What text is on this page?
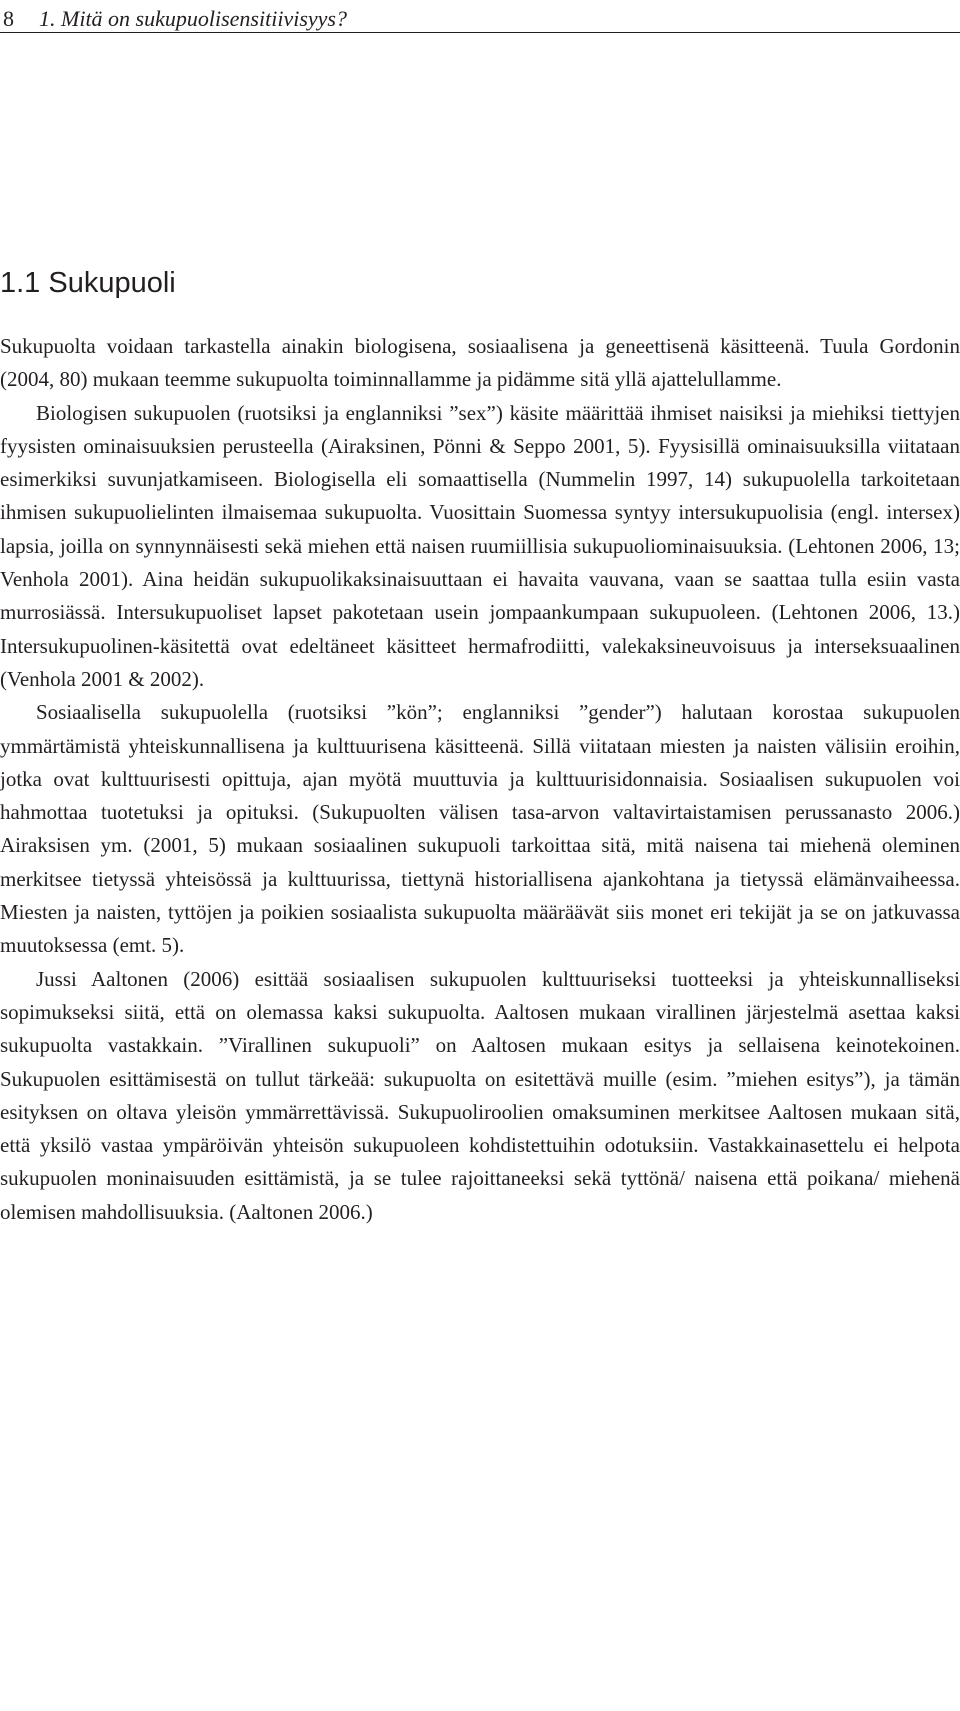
8 1. Mitä on sukupuolisensitiivisyys?
1.1 Sukupuoli

Sukupuolta voidaan tarkastella ainakin biologisena, sosiaalisena ja geneettisenä käsitteenä. Tuula Gordonin (2004, 80) mukaan teemme sukupuolta toiminnallamme ja pidämme sitä yllä ajattelullamme.

Biologisen sukupuolen (ruotsiksi ja englanniksi ”sex”) käsite määrittää ihmiset naisiksi ja miehiksi tiettyjen fyysisten ominaisuuksien perusteella (Airaksinen, Pönni & Seppo 2001, 5). Fyysisillä ominaisuuksilla viitataan esimerkiksi suvunjatkamiseen. Biologisella eli somaattisella (Nummelin 1997, 14) sukupuolella tarkoitetaan ihmisen sukupuolielinten ilmaisemaa sukupuolta. Vuosittain Suomessa syntyy intersukupuolisia (engl. intersex) lapsia, joilla on synnynnäisesti sekä miehen että naisen ruumiillisia sukupuoliominaisuuksia. (Lehtonen 2006, 13; Venhola 2001). Aina heidän sukupuolikaksinaisuuttaan ei havaita vauvana, vaan se saattaa tulla esiin vasta murrosiässä. Intersukupuoliset lapset pakotetaan usein jompaankumpaan sukupuoleen. (Lehtonen 2006, 13.) Intersukupuolinen-käsitettä ovat edeltäneet käsitteet hermafrodiitti, valekaksineuvoisuus ja interseksuaalinen (Venhola 2001 & 2002).

Sosiaalisella sukupuolella (ruotsiksi ”kön”; englanniksi ”gender”) halutaan korostaa sukupuolen ymmärtämistä yhteiskunnallisena ja kulttuurisena käsitteenä. Sillä viitataan miesten ja naisten välisiin eroihin, jotka ovat kulttuurisesti opittuja, ajan myötä muuttuvia ja kulttuurisidonnaisia. Sosiaalisen sukupuolen voi hahmottaa tuotetuksi ja opituksi. (Sukupuolten välisen tasa-arvon valtavirtaistamisen perussanasto 2006.) Airaksisen ym. (2001, 5) mukaan sosiaalinen sukupuoli tarkoittaa sitä, mitä naisena tai miehenä oleminen merkitsee tietyssä yhteisössä ja kulttuurissa, tiettynä historiallisena ajankohtana ja tietyssä elämänvaiheessa. Miesten ja naisten, tyttöjen ja poikien sosiaalista sukupuolta määräävät siis monet eri tekijät ja se on jatkuvassa muutoksessa (emt. 5).

Jussi Aaltonen (2006) esittää sosiaalisen sukupuolen kulttuuriseksi tuotteeksi ja yhteiskunnalliseksi sopimukseksi siitä, että on olemassa kaksi sukupuolta. Aaltosen mukaan virallinen järjestelmä asettaa kaksi sukupuolta vastakkain. ”Virallinen sukupuoli” on Aaltosen mukaan esitys ja sellaisena keinotekoinen. Sukupuolen esittämisestä on tullut tärkeää: sukupuolta on esitettävä muille (esim. ”miehen esitys”), ja tämän esityksen on oltava yleisön ymmärrettävissä. Sukupuoliroolien omaksuminen merkitsee Aaltosen mukaan sitä, että yksilö vastaa ympäröivän yhteisön sukupuoleen kohdistettuihin odotuksiin. Vastakkainasettelu ei helpota sukupuolen moninaisuuden esittämistä, ja se tulee rajoittaneeksi sekä tyttönä/ naisena että poikana/ miehenä olemisen mahdollisuuksia. (Aaltonen 2006.)
